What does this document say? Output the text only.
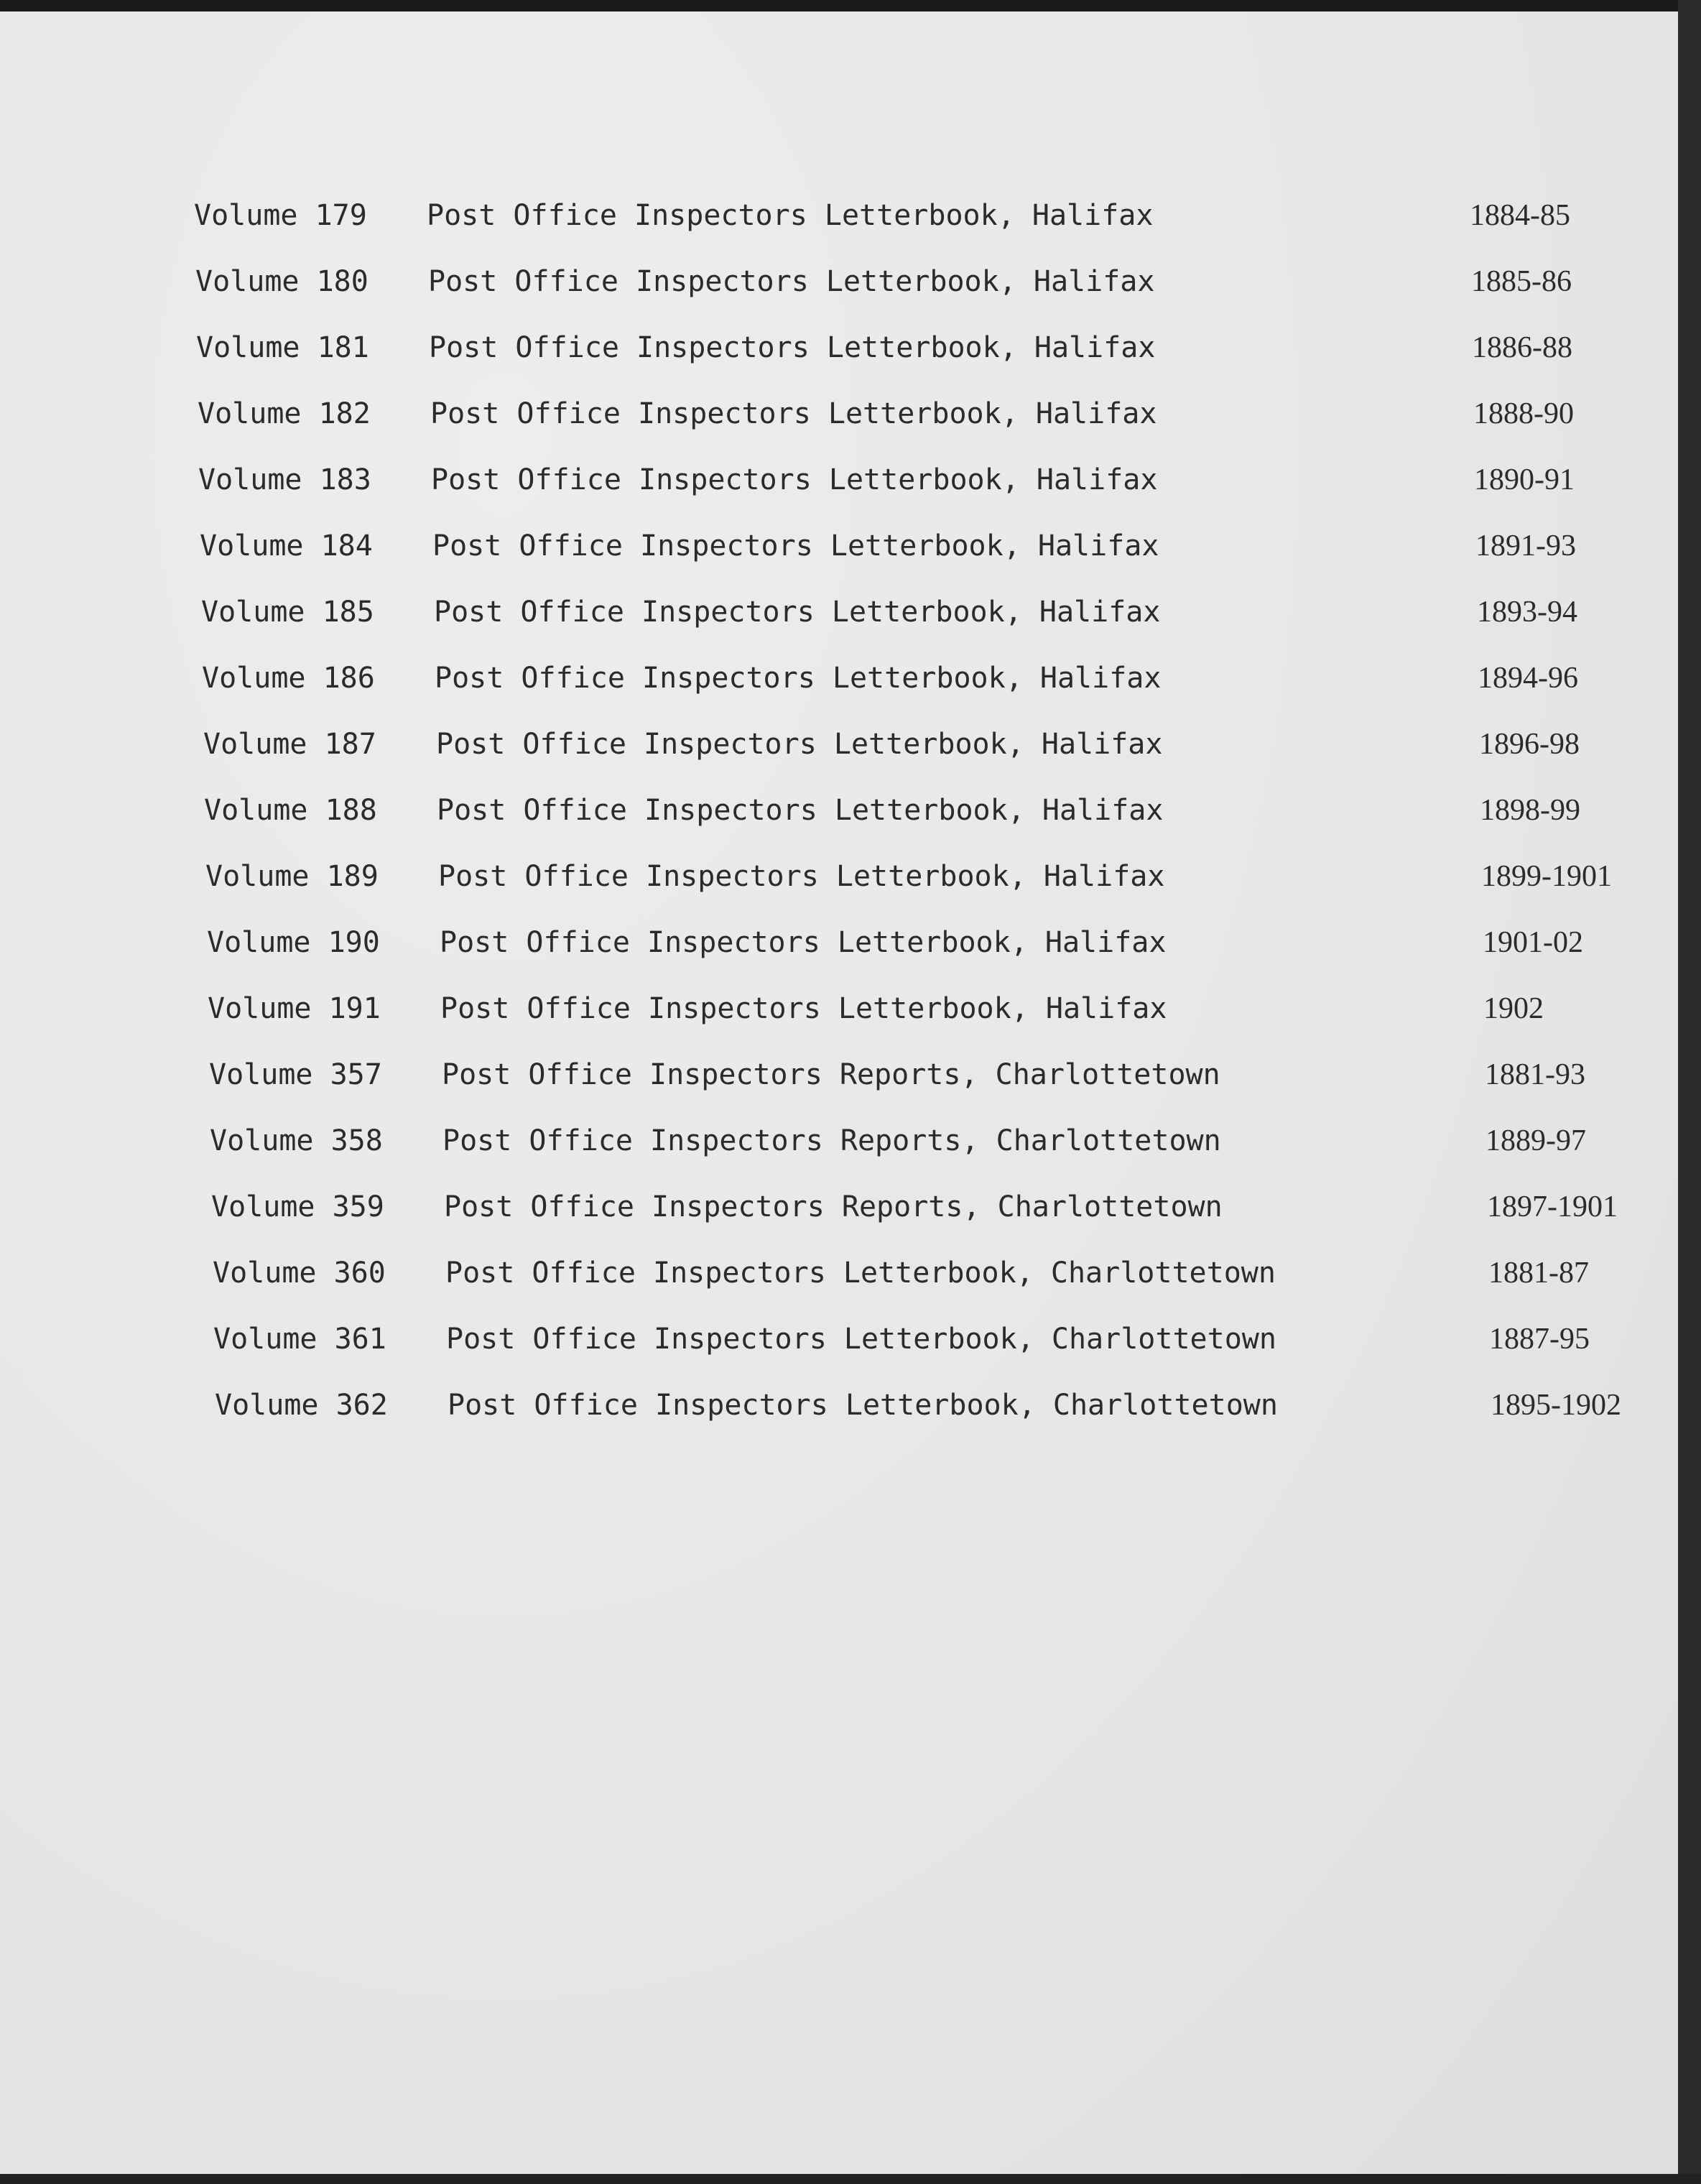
Volume 179 Post Office Inspectors Letterbook, Halifax	1884-85
Volume 180 Post Office Inspectors Letterbook, Halifax	1885-86
Volume 181 Post Office Inspectors Letterbook, Halifax	1886-88
Volume 182 Post Office Inspectors Letterbook, Halifax	1888-90
Volume 183 Post Office Inspectors Letterbook, Halifax	1890-91
Volume 184 Post Office Inspectors Letterbook, Halifax	1891-93
Volume 185 Post Office Inspectors Letterbook, Halifax	1893-94
Volume 186 Post Office Inspectors Letterbook, Halifax	1894-96
Volume 187 Post Office Inspectors Letterbook, Halifax	1896-98
Volume 188 Post Office Inspectors Letterbook, Halifax	1898-99
Volume 189 Post Office Inspectors Letterbook, Halifax	1899-1901
Volume 190 Post Office Inspectors Letterbook, Halifax	1901-02
Volume 191 Post Office Inspectors Letterbook, Halifax	1902
Volume 357 Post Office Inspectors Reports, Charlottetown	1881-93
Volume 358 Post Office Inspectors Reports, Charlottetown	1889-97
Volume 359 Post Office Inspectors Reports, Charlottetown	1897-1901
Volume 360 Post Office Inspectors Letterbook, Charlottetown	1881-87
Volume 361 Post Office Inspectors Letterbook, Charlottetown	1887-95
Volume 362 Post Office Inspectors Letterbook, Charlottetown	1895-1902
